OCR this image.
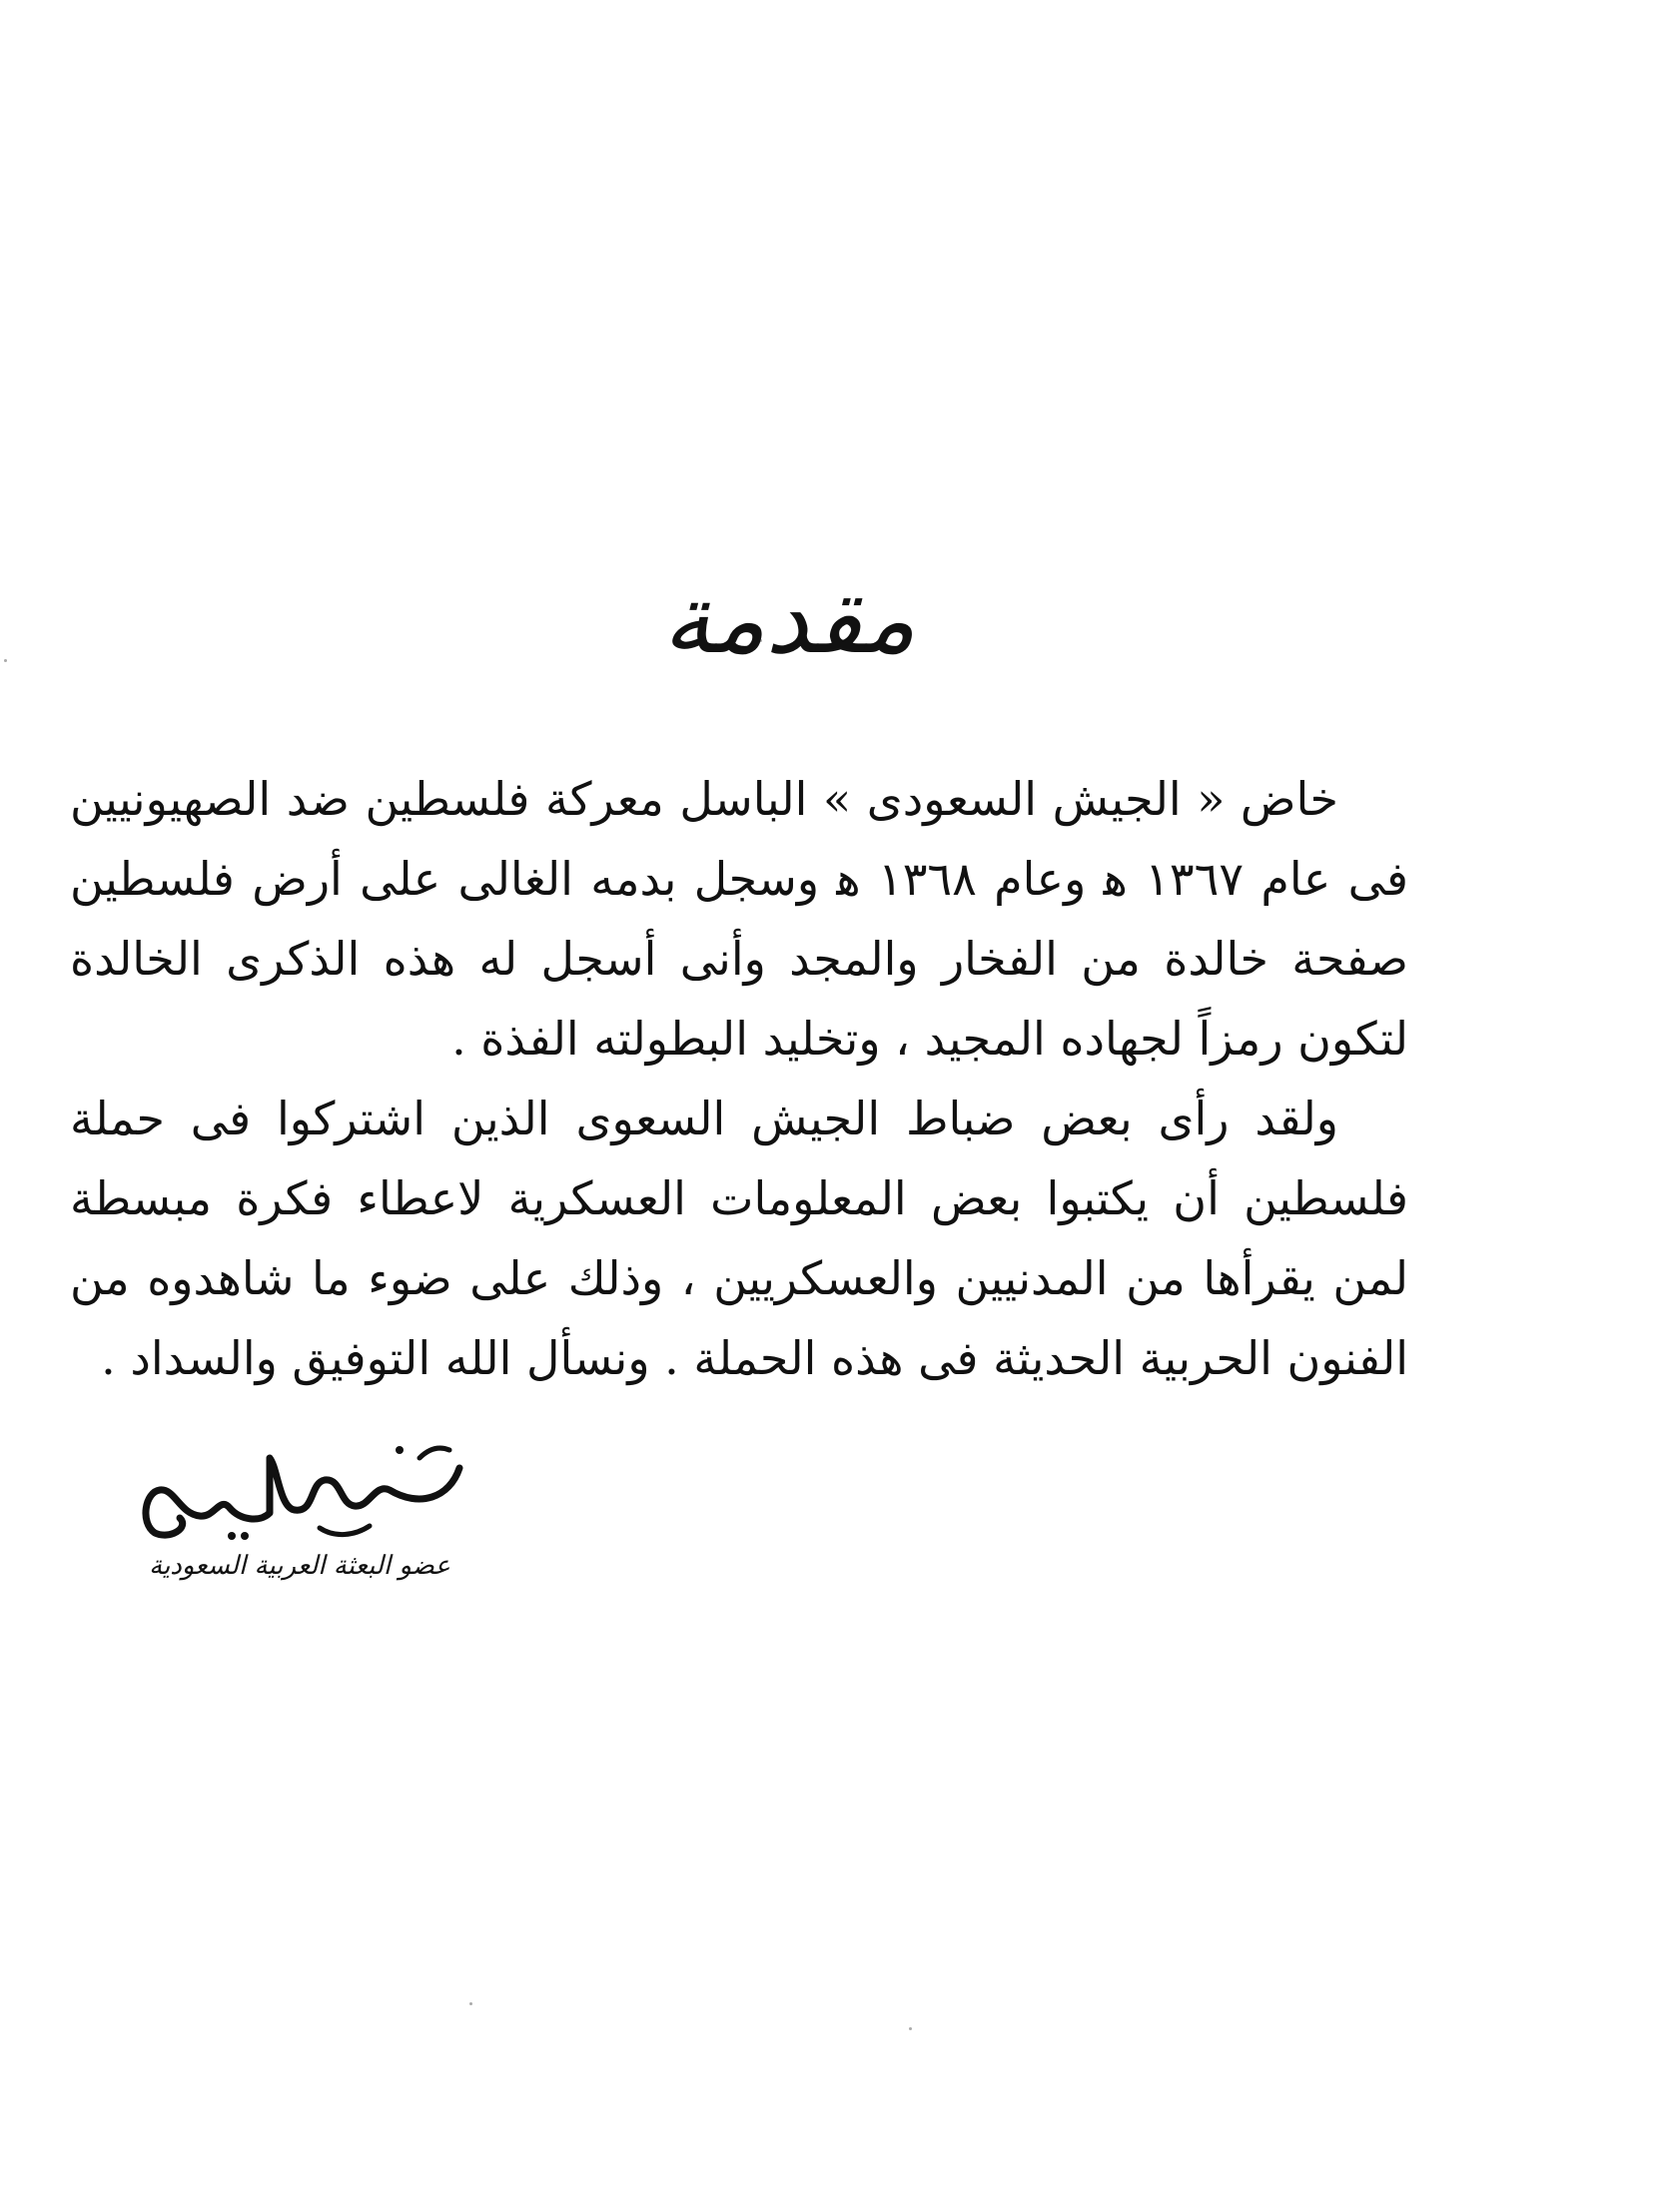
مقدمة

خاض « الجيش السعودى » الباسل معركة فلسطين ضد الصهيونيين فى عام ١٣٦٧ ﻫ وعام ١٣٦٨ ﻫ وسجل بدمه الغالى على أرض فلسطين صفحة خالدة من الفخار والمجد وأنى أسجل له هذه الذكرى الخالدة لتكون رمزاً لجهاده المجيد ، وتخليد البطولته الفذة .

ولقد رأى بعض ضباط الجيش السعوى الذين اشتركوا فى حملة فلسطين أن يكتبوا بعض المعلومات العسكرية لاعطاء فكرة مبسطة لمن يقرأها من المدنيين والعسكريين ، وذلك على ضوء ما شاهدوه من الفنون الحربية الحديثة فى هذه الحملة . ونسأل الله التوفيق والسداد .

عضو البعثة العربية السعودية
